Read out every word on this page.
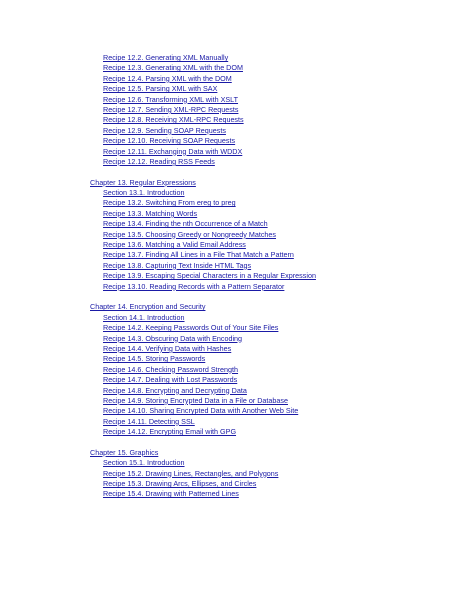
Recipe 12.2. Generating XML Manually
Recipe 12.3. Generating XML with the DOM
Recipe 12.4. Parsing XML with the DOM
Recipe 12.5. Parsing XML with SAX
Recipe 12.6. Transforming XML with XSLT
Recipe 12.7. Sending XML-RPC Requests
Recipe 12.8. Receiving XML-RPC Requests
Recipe 12.9. Sending SOAP Requests
Recipe 12.10. Receiving SOAP Requests
Recipe 12.11. Exchanging Data with WDDX
Recipe 12.12. Reading RSS Feeds
Chapter 13. Regular Expressions
Section 13.1. Introduction
Recipe 13.2. Switching From ereg to preg
Recipe 13.3. Matching Words
Recipe 13.4. Finding the nth Occurrence of a Match
Recipe 13.5. Choosing Greedy or Nongreedy Matches
Recipe 13.6. Matching a Valid Email Address
Recipe 13.7. Finding All Lines in a File That Match a Pattern
Recipe 13.8. Capturing Text Inside HTML Tags
Recipe 13.9. Escaping Special Characters in a Regular Expression
Recipe 13.10. Reading Records with a Pattern Separator
Chapter 14. Encryption and Security
Section 14.1. Introduction
Recipe 14.2. Keeping Passwords Out of Your Site Files
Recipe 14.3. Obscuring Data with Encoding
Recipe 14.4. Verifying Data with Hashes
Recipe 14.5. Storing Passwords
Recipe 14.6. Checking Password Strength
Recipe 14.7. Dealing with Lost Passwords
Recipe 14.8. Encrypting and Decrypting Data
Recipe 14.9. Storing Encrypted Data in a File or Database
Recipe 14.10. Sharing Encrypted Data with Another Web Site
Recipe 14.11. Detecting SSL
Recipe 14.12. Encrypting Email with GPG
Chapter 15. Graphics
Section 15.1. Introduction
Recipe 15.2. Drawing Lines, Rectangles, and Polygons
Recipe 15.3. Drawing Arcs, Ellipses, and Circles
Recipe 15.4. Drawing with Patterned Lines
